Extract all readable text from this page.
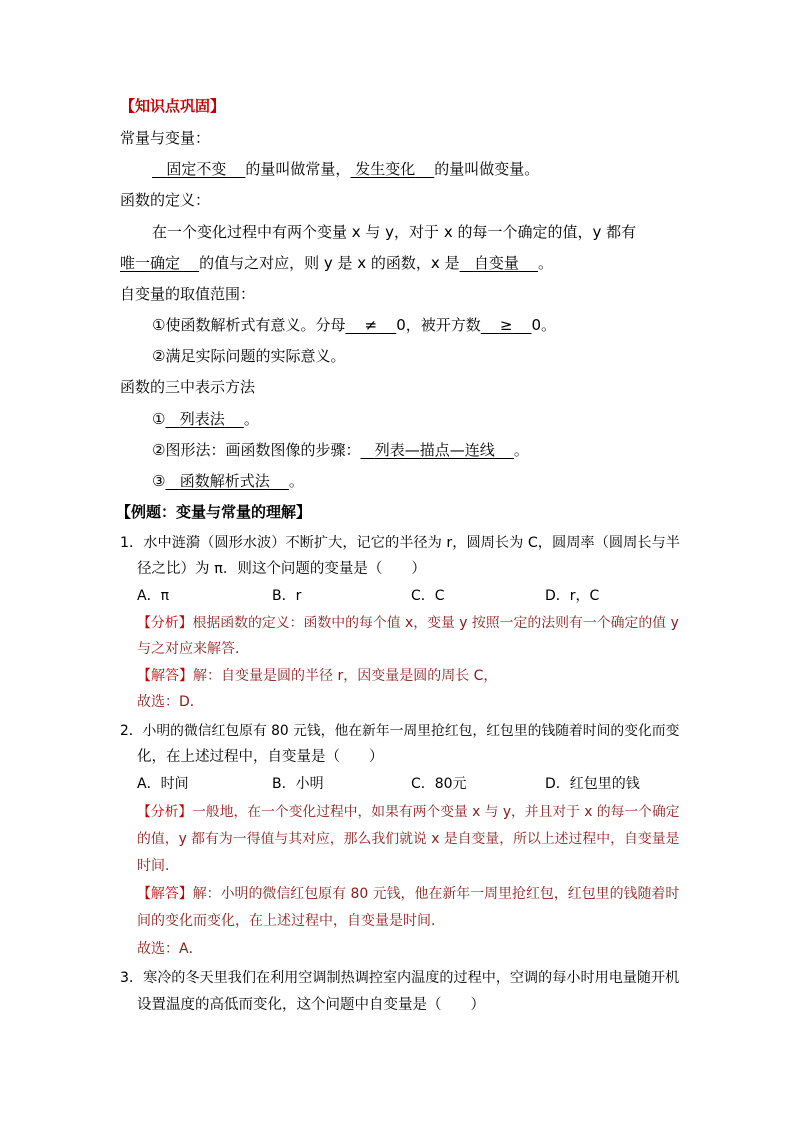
【知识点巩固】
常量与变量：
固定不变 的量叫做常量， 发生变化 的量叫做变量。
函数的定义：
在一个变化过程中有两个变量 x 与 y，对于 x 的每一个确定的值，y 都有
唯一确定 的值与之对应，则 y 是 x 的函数，x 是 自变量 。
自变量的取值范围：
①使函数解析式有意义。分母 ≠ 0，被开方数 ≥ 0。
②满足实际问题的实际意义。
函数的三中表示方法
① 列表法 。
②图形法：画函数图像的步骤： 列表—描点—连线 。
③ 函数解析式法 。
【例题：变量与常量的理解】
1．水中涟漪（圆形水波）不断扩大，记它的半径为 r，圆周长为 C，圆周率（圆周长与半
径之比）为 π．则这个问题的变量是（　　）
A．π	B．r	C．C	D．r，C
【分析】根据函数的定义：函数中的每个值 x，变量 y 按照一定的法则有一个确定的值 y
与之对应来解答．
【解答】解：自变量是圆的半径 r，因变量是圆的周长 C，
故选：D．
2．小明的微信红包原有 80 元钱，他在新年一周里抢红包，红包里的钱随着时间的变化而变
化，在上述过程中，自变量是（　　）
A．时间	B．小明	C．80元	D．红包里的钱
【分析】一般地，在一个变化过程中，如果有两个变量 x 与 y，并且对于 x 的每一个确定
的值，y 都有为一得值与其对应，那么我们就说 x 是自变量，所以上述过程中，自变量是
时间．
【解答】解：小明的微信红包原有 80 元钱，他在新年一周里抢红包，红包里的钱随着时
间的变化而变化，在上述过程中，自变量是时间．
故选：A．
3．寒冷的冬天里我们在利用空调制热调控室内温度的过程中，空调的每小时用电量随开机
设置温度的高低而变化，这个问题中自变量是（　　）
